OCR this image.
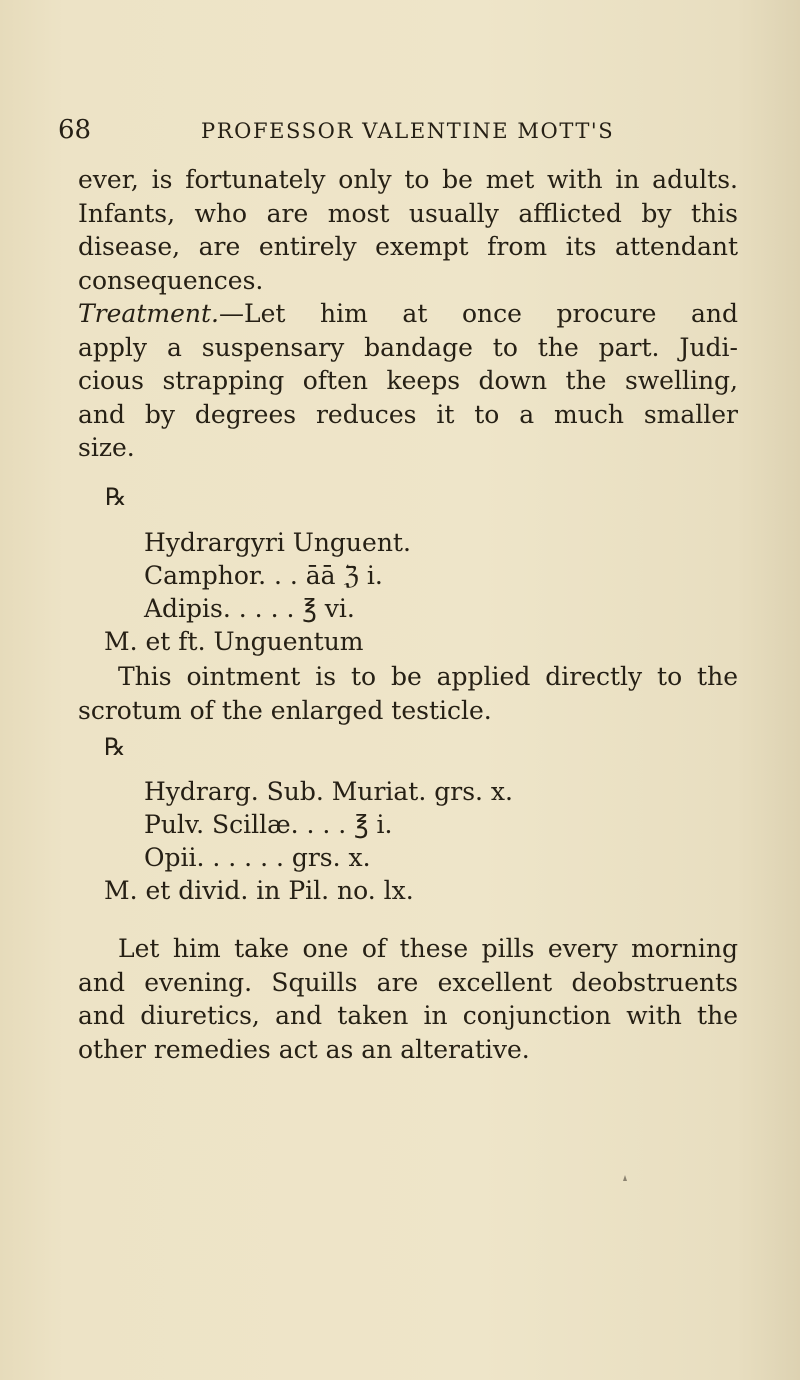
68	PROFESSOR VALENTINE MOTT'S
ever, is fortunately only to be met with in adults.
Infants, who are most usually afflicted by this
disease, are entirely exempt from its attendant
consequences.
Treatment.—Let him at once procure and
apply a suspensary bandage to the part. Judi-
cious strapping often keeps down the swelling,
and by degrees reduces it to a much smaller
size.
℞
Hydrargyri Unguent.
Camphor. . . āā ℨ i.
Adipis. . . . . ℥ vi.
M. et ft. Unguentum
This ointment is to be applied directly to the
scrotum of the enlarged testicle.
℞
Hydrarg. Sub. Muriat. grs. x.
Pulv. Scillæ. . . . ℥ i.
Opii. . . . . . grs. x.
M. et divid. in Pil. no. lx.
Let him take one of these pills every morning
and evening. Squills are excellent deobstruents
and diuretics, and taken in conjunction with the
other remedies act as an alterative.
